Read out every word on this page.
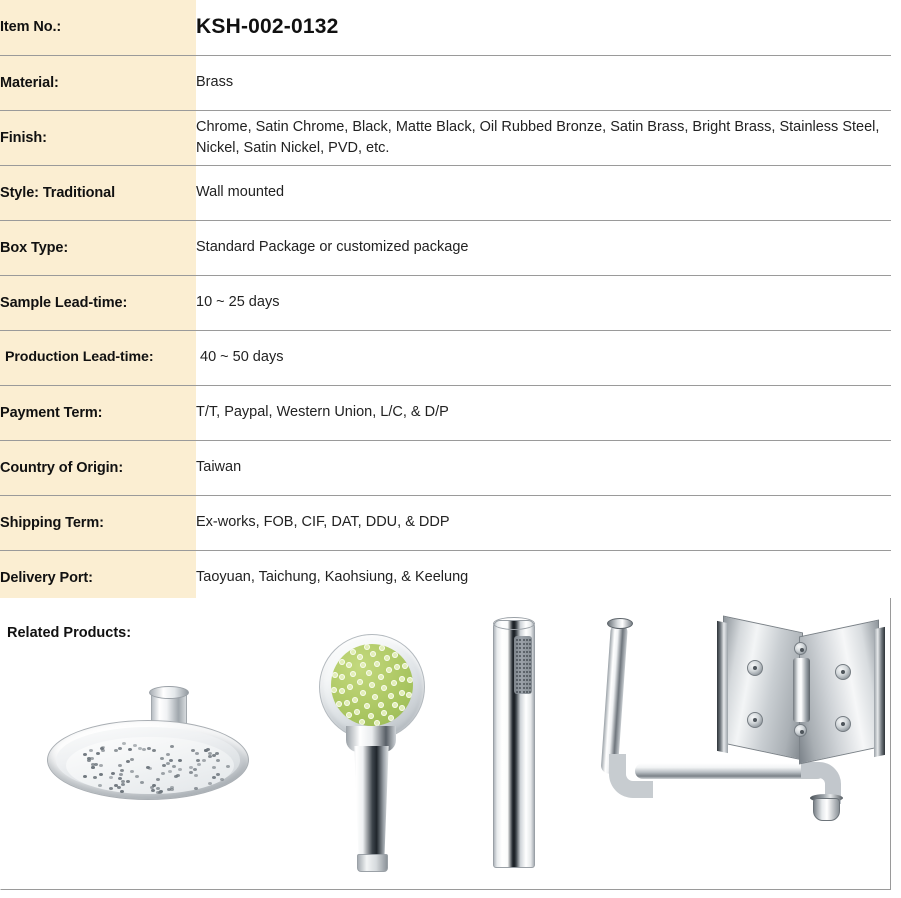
Item No.:	KSH-002-0132
Material:	Brass
Finish:	Chrome, Satin Chrome, Black, Matte Black, Oil Rubbed Bronze, Satin Brass, Bright Brass, Stainless Steel, Nickel, Satin Nickel, PVD, etc.
Style: Traditional	Wall mounted
Box Type:	Standard Package or customized package
Sample Lead-time:	10 ~ 25 days
Production Lead-time:	40 ~ 50 days
Payment Term:	T/T, Paypal, Western Union, L/C, & D/P
Country of Origin:	Taiwan
Shipping Term:	Ex-works, FOB, CIF, DAT, DDU, & DDP
Delivery Port:	Taoyuan, Taichung, Kaohsiung, & Keelung
Related Products:
